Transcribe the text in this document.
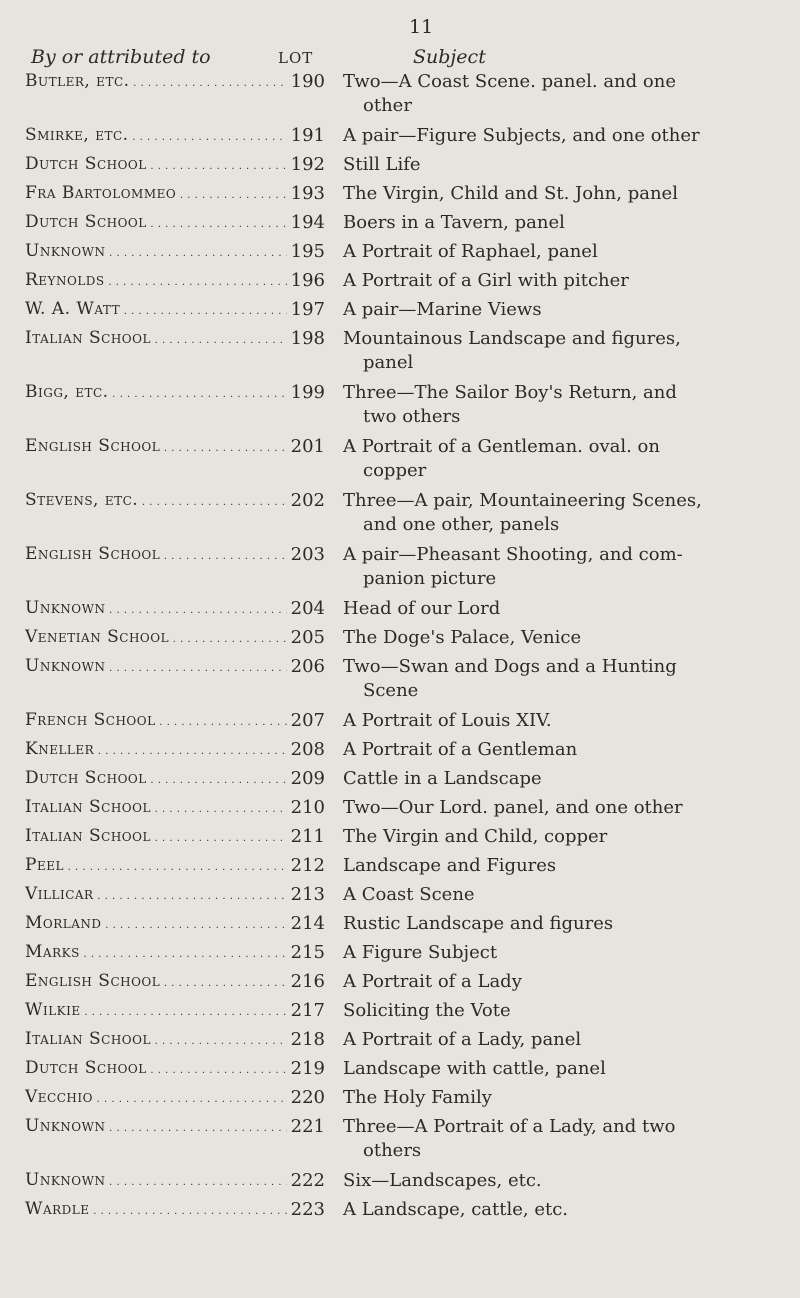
11
By or attributed to	LOT	Subject
Butler, etc. . . .	190 Two—A Coast Scene. panel. and one
other
Smirke, etc. . . .	191 A pair—Figure Subjects, and one other
Dutch School . . .	192 Still Life
Fra Bartolommeo . . .	193 The Virgin, Child and St. John, panel
Dutch School . . .	194 Boers in a Tavern, panel
Unknown . . .	195 A Portrait of Raphael, panel
Reynolds . . .	196 A Portrait of a Girl with pitcher
W. A. Watt . . .	197 A pair—Marine Views
Italian School . . .	198 Mountainous Landscape and figures,
panel
Bigg, etc. . . .	199 Three—The Sailor Boy's Return, and
two others
English School . . .	201 A Portrait of a Gentleman. oval. on
copper
Stevens, etc. . . .	202 Three—A pair, Mountaineering Scenes,
and one other, panels
English School . . .	203 A pair—Pheasant Shooting, and com-
panion picture
Unknown . . .	204 Head of our Lord
Venetian School . . .	205 The Doge's Palace, Venice
Unknown . . .	206 Two—Swan and Dogs and a Hunting
Scene
French School . . .	207 A Portrait of Louis XIV.
Kneller . . .	208 A Portrait of a Gentleman
Dutch School . . .	209 Cattle in a Landscape
Italian School . . .	210 Two—Our Lord. panel, and one other
Italian School . . .	211 The Virgin and Child, copper
Peel . . .	212 Landscape and Figures
Villicar . . .	213 A Coast Scene
Morland . . .	214 Rustic Landscape and figures
Marks . . .	215 A Figure Subject
English School . . .	216 A Portrait of a Lady
Wilkie . . .	217 Soliciting the Vote
Italian School . . .	218 A Portrait of a Lady, panel
Dutch School . . .	219 Landscape with cattle, panel
Vecchio . . .	220 The Holy Family
Unknown . . .	221 Three—A Portrait of a Lady, and two
others
Unknown . . .	222 Six—Landscapes, etc.
Wardle . . .	223 A Landscape, cattle, etc.
